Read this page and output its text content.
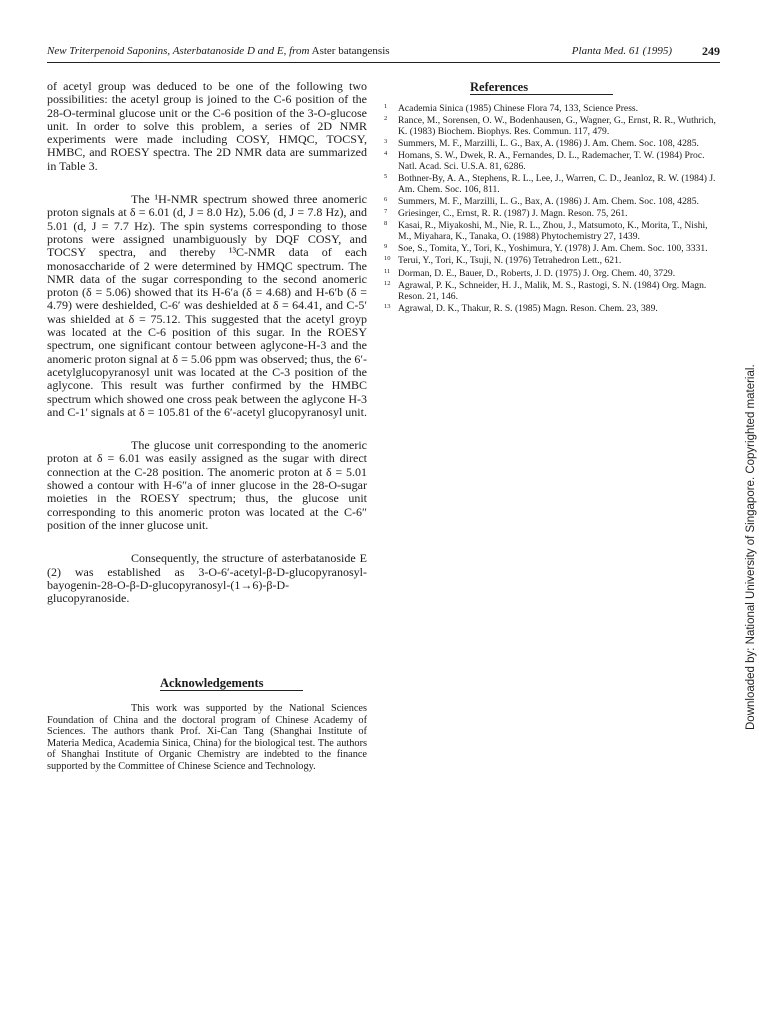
New Triterpenoid Saponins, Asterbatanoside D and E, from Aster batangensis	Planta Med. 61 (1995)	249

of acetyl group was deduced to be one of the following two possibilities: the acetyl group is joined to the C-6 position of the 28-O-terminal glucose unit or the C-6 position of the 3-O-glucose unit. In order to solve this problem, a series of 2D NMR experiments were made including COSY, HMQC, TOCSY, HMBC, and ROESY spectra. The 2D NMR data are summarized in Table 3.

The ¹H-NMR spectrum showed three anomeric proton signals at δ = 6.01 (d, J = 8.0 Hz), 5.06 (d, J = 7.8 Hz), and 5.01 (d, J = 7.7 Hz). The spin systems corresponding to those protons were assigned unambiguously by DQF COSY, and TOCSY spectra, and thereby ¹³C-NMR data of each monosaccharide of 2 were determined by HMQC spectrum. The NMR data of the sugar corresponding to the second anomeric proton (δ = 5.06) showed that its H-6′a (δ = 4.68) and H-6′b (δ = 4.79) were deshielded, C-6′ was deshielded at δ = 64.41, and C-5′ was shielded at δ = 75.12. This suggested that the acetyl groyp was located at the C-6 position of this sugar. In the ROESY spectrum, one significant contour between aglycone-H-3 and the anomeric proton signal at δ = 5.06 ppm was observed; thus, the 6′-acetylglucopyranosyl unit was located at the C-3 position of the aglycone. This result was further confirmed by the HMBC spectrum which showed one cross peak between the aglycone H-3 and C-1′ signals at δ = 105.81 of the 6′-acetyl glucopyranosyl unit.

The glucose unit corresponding to the anomeric proton at δ = 6.01 was easily assigned as the sugar with direct connection at the C-28 position. The anomeric proton at δ = 5.01 showed a contour with H-6″a of inner glucose in the 28-O-sugar moieties in the ROESY spectrum; thus, the glucose unit corresponding to this anomeric proton was located at the C-6″ position of the inner glucose unit.

Consequently, the structure of asterbatanoside E (2) was established as 3-O-6′-acetyl-β-D-glucopyranosyl-bayogenin-28-O-β-D-glucopyranosyl-(1→6)-β-D-glucopyranoside.

Acknowledgements

This work was supported by the National Sciences Foundation of China and the doctoral program of Chinese Academy of Sciences. The authors thank Prof. Xi-Can Tang (Shanghai Institute of Materia Medica, Academia Sinica, China) for the biological test. The authors of Shanghai Institute of Organic Chemistry are indebted to the finance supported by the Committee of Chinese Science and Technology.

References
1	Academia Sinica (1985) Chinese Flora 74, 133, Science Press.
2	Rance, M., Sorensen, O. W., Bodenhausen, G., Wagner, G., Ernst, R. R., Wuthrich, K. (1983) Biochem. Biophys. Res. Commun. 117, 479.
3	Summers, M. F., Marzilli, L. G., Bax, A. (1986) J. Am. Chem. Soc. 108, 4285.
4	Homans, S. W., Dwek, R. A., Fernandes, D. L., Rademacher, T. W. (1984) Proc. Natl. Acad. Sci. U.S.A. 81, 6286.
5	Bothner-By, A. A., Stephens, R. L., Lee, J., Warren, C. D., Jeanloz, R. W. (1984) J. Am. Chem. Soc. 106, 811.
6	Summers, M. F., Marzilli, L. G., Bax, A. (1986) J. Am. Chem. Soc. 108, 4285.
7	Griesinger, C., Ernst, R. R. (1987) J. Magn. Reson. 75, 261.
8	Kasai, R., Miyakoshi, M., Nie, R. L., Zhou, J., Matsumoto, K., Morita, T., Nishi, M., Miyahara, K., Tanaka, O. (1988) Phytochemistry 27, 1439.
9	Soe, S., Tomita, Y., Tori, K., Yoshimura, Y. (1978) J. Am. Chem. Soc. 100, 3331.
10 Terui, Y., Tori, K., Tsuji, N. (1976) Tetrahedron Lett., 621.
11 Dorman, D. E., Bauer, D., Roberts, J. D. (1975) J. Org. Chem. 40, 3729.
12 Agrawal, P. K., Schneider, H. J., Malik, M. S., Rastogi, S. N. (1984) Org. Magn. Reson. 21, 146.
13 Agrawal, D. K., Thakur, R. S. (1985) Magn. Reson. Chem. 23, 389.
Downloaded by: National University of Singapore. Copyrighted material.
